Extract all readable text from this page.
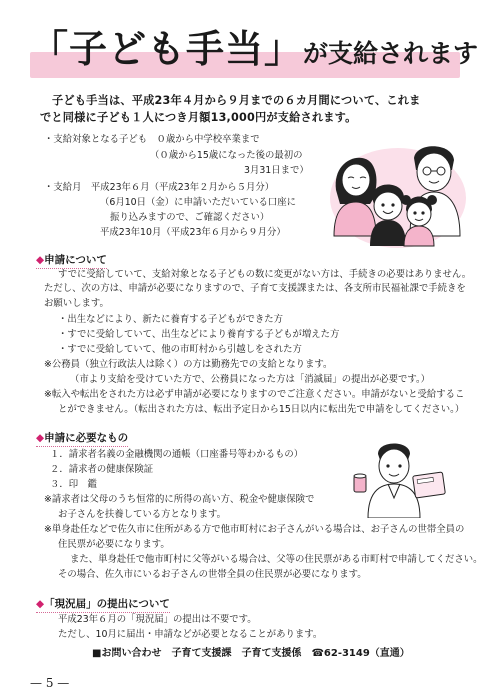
「子ども手当」が支給されます
子ども手当は、平成23年４月から９月までの６カ月間について、これま
でと同様に子ども１人につき月額13,000円が支給されます。
・支給対象となる子ども　０歳から中学校卒業まで
（０歳から15歳になった後の最初の
3月31日まで）
・支給月　平成23年６月（平成23年２月から５月分）
（6月10日（金）に申請いただいている口座に
振り込みますので、ご確認ください）
平成23年10月（平成23年６月から９月分）
◆申請について
すでに受給していて、支給対象となる子どもの数に変更がない方は、手続きの必要はありません。
ただし、次の方は、申請が必要になりますので、子育て支援課または、各支所市民福祉課で手続きを
お願いします。
・出生などにより、新たに養育する子どもができた方
・すでに受給していて、出生などにより養育する子どもが増えた方
・すでに受給していて、他の市町村から引越しをされた方
※公務員（独立行政法人は除く）の方は勤務先での支給となります。
（市より支給を受けていた方で、公務員になった方は「消滅届」の提出が必要です。）
※転入や転出をされた方は必ず申請が必要になりますのでご注意ください。申請がないと受給するこ
とができません。（転出された方は、転出予定日から15日以内に転出先で申請をしてください。）
◆申請に必要なもの
１．請求者名義の金融機関の通帳（口座番号等わかるもの）
２．請求者の健康保険証
３．印　鑑
※請求者は父母のうち恒常的に所得の高い方、税金や健康保険で
お子さんを扶養している方となります。
※単身赴任などで佐久市に住所がある方で他市町村にお子さんがいる場合は、お子さんの世帯全員の
住民票が必要になります。
また、単身赴任で他市町村に父等がいる場合は、父等の住民票がある市町村で申請してください。
その場合、佐久市にいるお子さんの世帯全員の住民票が必要になります。
◆「現況届」の提出について
平成23年６月の「現況届」の提出は不要です。
ただし、10月に届出・申請などが必要となることがあります。
■お問い合わせ　子育て支援課　子育て支援係　☎62-3149（直通）
— 5 —
